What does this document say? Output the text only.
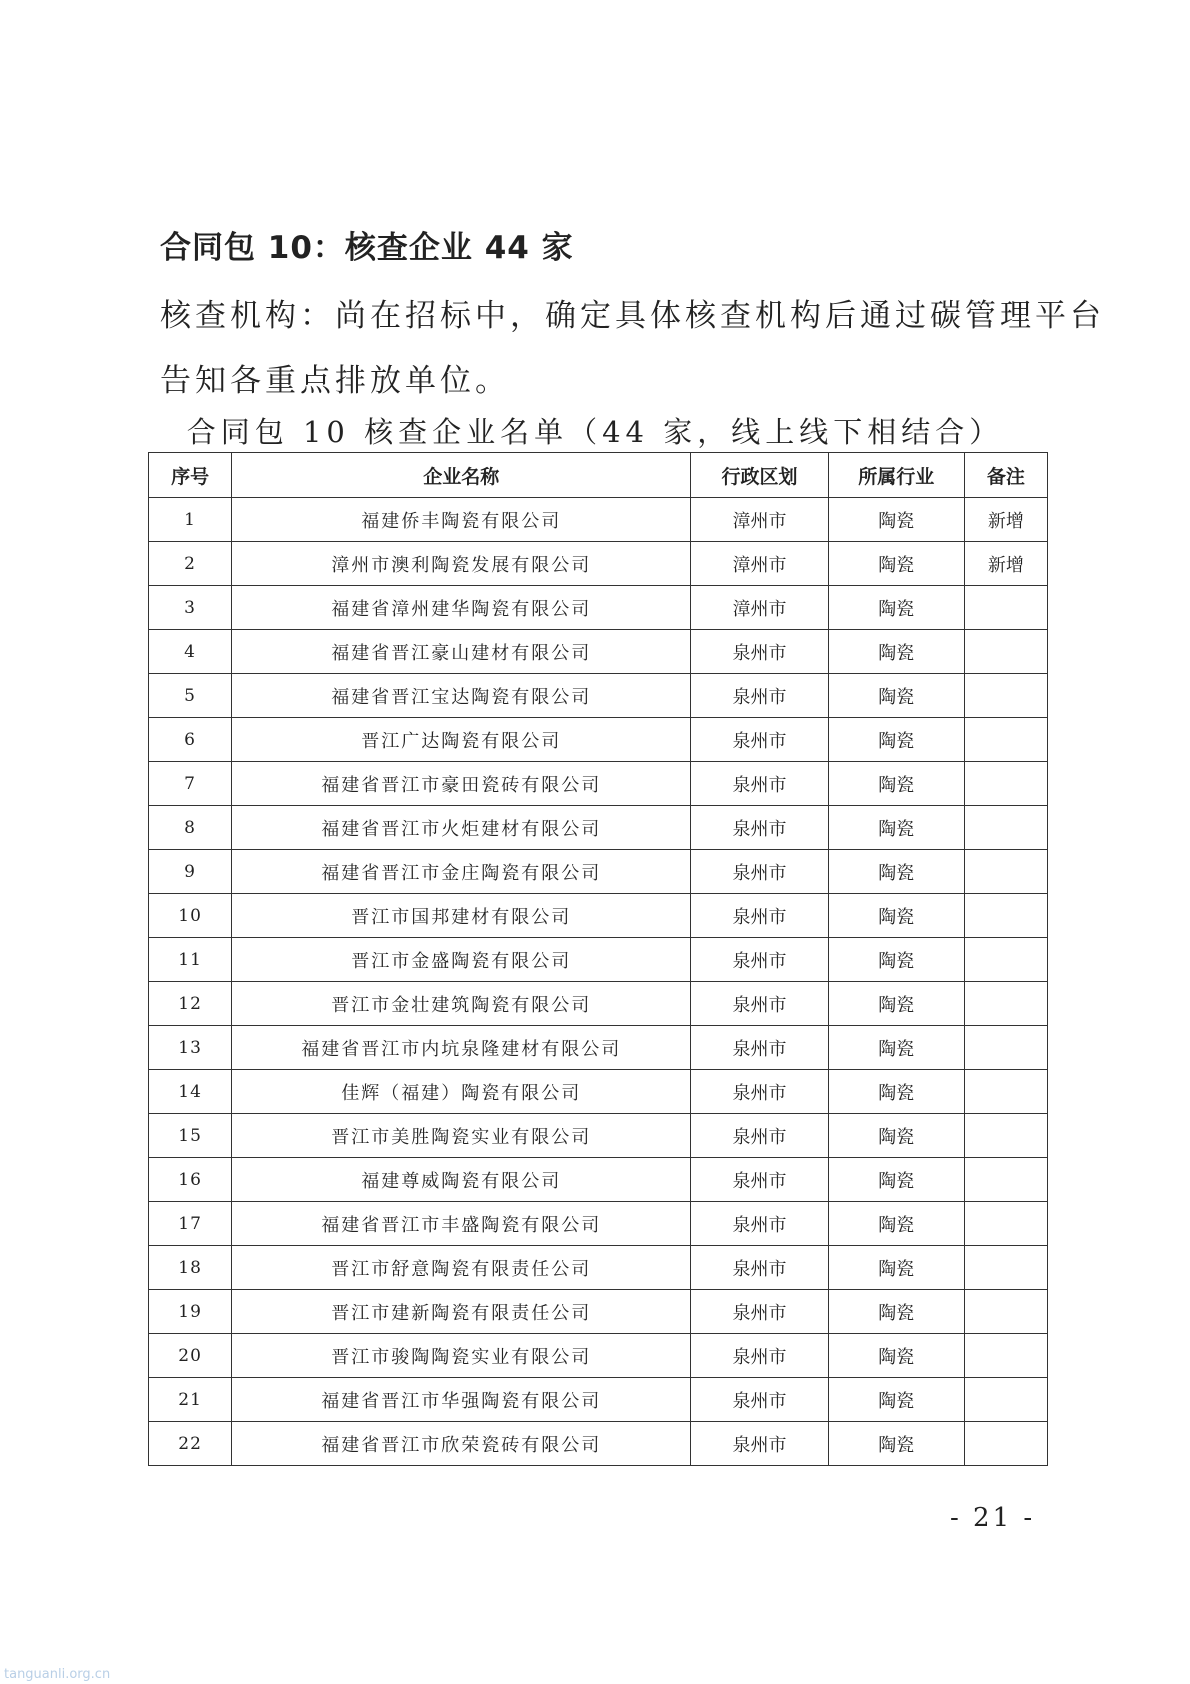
合同包 10：核查企业 44 家
核查机构：尚在招标中，确定具体核查机构后通过碳管理平台
告知各重点排放单位。
合同包 10 核查企业名单（44 家，线上线下相结合）
序号	企业名称	行政区划	所属行业	备注
1	福建侨丰陶瓷有限公司	漳州市	陶瓷	新增
2	漳州市澳利陶瓷发展有限公司	漳州市	陶瓷	新增
3	福建省漳州建华陶瓷有限公司	漳州市	陶瓷	
4	福建省晋江豪山建材有限公司	泉州市	陶瓷	
5	福建省晋江宝达陶瓷有限公司	泉州市	陶瓷	
6	晋江广达陶瓷有限公司	泉州市	陶瓷	
7	福建省晋江市豪田瓷砖有限公司	泉州市	陶瓷	
8	福建省晋江市火炬建材有限公司	泉州市	陶瓷	
9	福建省晋江市金庄陶瓷有限公司	泉州市	陶瓷	
10	晋江市国邦建材有限公司	泉州市	陶瓷	
11	晋江市金盛陶瓷有限公司	泉州市	陶瓷	
12	晋江市金壮建筑陶瓷有限公司	泉州市	陶瓷	
13	福建省晋江市内坑泉隆建材有限公司	泉州市	陶瓷	
14	佳辉（福建）陶瓷有限公司	泉州市	陶瓷	
15	晋江市美胜陶瓷实业有限公司	泉州市	陶瓷	
16	福建尊威陶瓷有限公司	泉州市	陶瓷	
17	福建省晋江市丰盛陶瓷有限公司	泉州市	陶瓷	
18	晋江市舒意陶瓷有限责任公司	泉州市	陶瓷	
19	晋江市建新陶瓷有限责任公司	泉州市	陶瓷	
20	晋江市骏陶陶瓷实业有限公司	泉州市	陶瓷	
21	福建省晋江市华强陶瓷有限公司	泉州市	陶瓷	
22	福建省晋江市欣荣瓷砖有限公司	泉州市	陶瓷	
- 21 -
tanguanli.org.cn
